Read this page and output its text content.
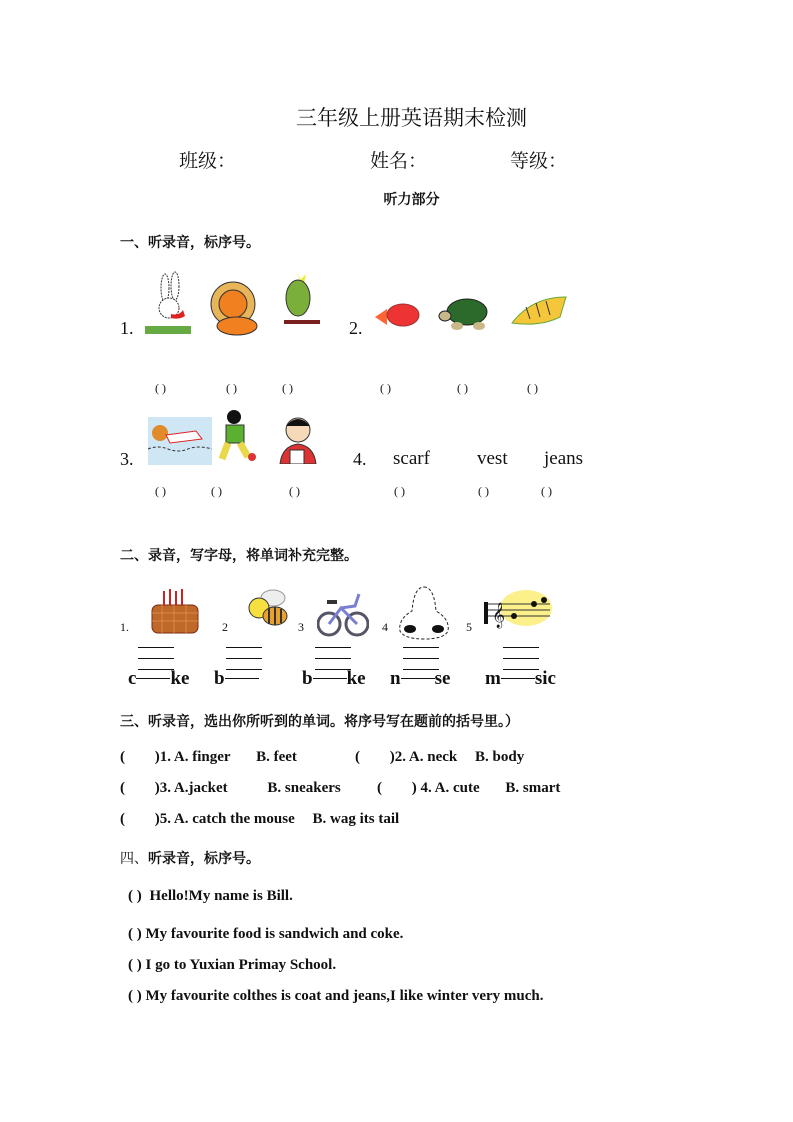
三年级上册英语期末检测
班级：	姓名：	等级：
听力部分
一、听录音，标序号。
1.	2.
( )	( )	( )	( )	( )	( )
3.	4. scarf vest jeans
( )	( )	( )	( )	( )	( )
二、录音，写字母，将单词补充完整。
1.	2	3	4	5 𝄞
c ke b	b ke n se m sic
三、听录音，选出你所听到的单词。将序号写在题前的括号里。）
( )1. A. finger B. feet	( )2. A. neck B. body
( )3. A.jacket	B. sneakers ( ) 4. A. cute B. smart
( )5. A. catch the mouse B. wag its tail
四、听录音，标序号。
( ) Hello!My name is Bill.
( ) My favourite food is sandwich and coke.
( ) I go to Yuxian Primay School.
( ) My favourite colthes is coat and jeans,I like winter very much.
